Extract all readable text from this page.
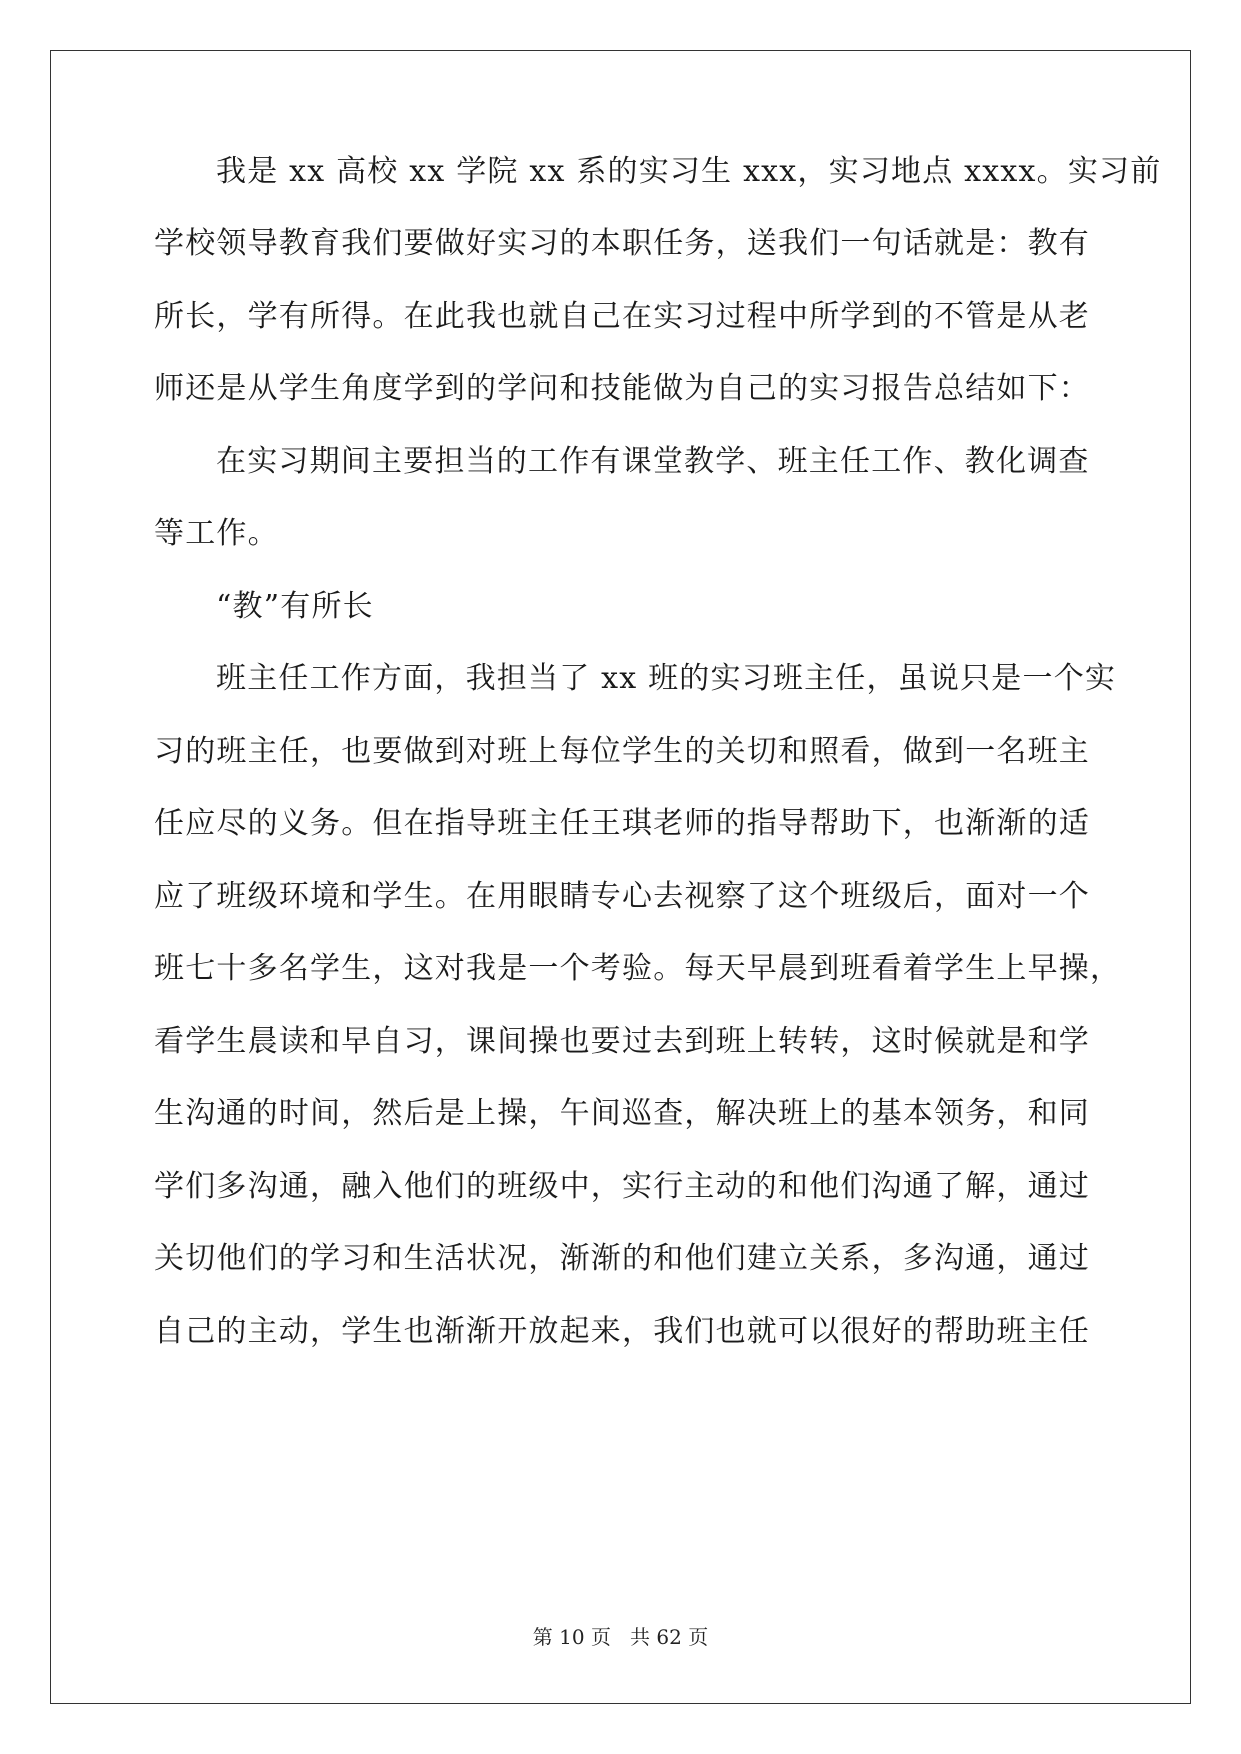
我是 xx 高校 xx 学院 xx 系的实习生 xxx，实习地点 xxxx。实习前
学校领导教育我们要做好实习的本职任务，送我们一句话就是：教有
所长，学有所得。在此我也就自己在实习过程中所学到的不管是从老
师还是从学生角度学到的学问和技能做为自己的实习报告总结如下：
在实习期间主要担当的工作有课堂教学、班主任工作、教化调查
等工作。
“教”有所长
班主任工作方面，我担当了 xx 班的实习班主任，虽说只是一个实
习的班主任，也要做到对班上每位学生的关切和照看，做到一名班主
任应尽的义务。但在指导班主任王琪老师的指导帮助下，也渐渐的适
应了班级环境和学生。在用眼睛专心去视察了这个班级后，面对一个
班七十多名学生，这对我是一个考验。每天早晨到班看着学生上早操，
看学生晨读和早自习，课间操也要过去到班上转转，这时候就是和学
生沟通的时间，然后是上操，午间巡查，解决班上的基本领务，和同
学们多沟通，融入他们的班级中，实行主动的和他们沟通了解，通过
关切他们的学习和生活状况，渐渐的和他们建立关系，多沟通，通过
自己的主动，学生也渐渐开放起来，我们也就可以很好的帮助班主任
第 10 页 共 62 页
